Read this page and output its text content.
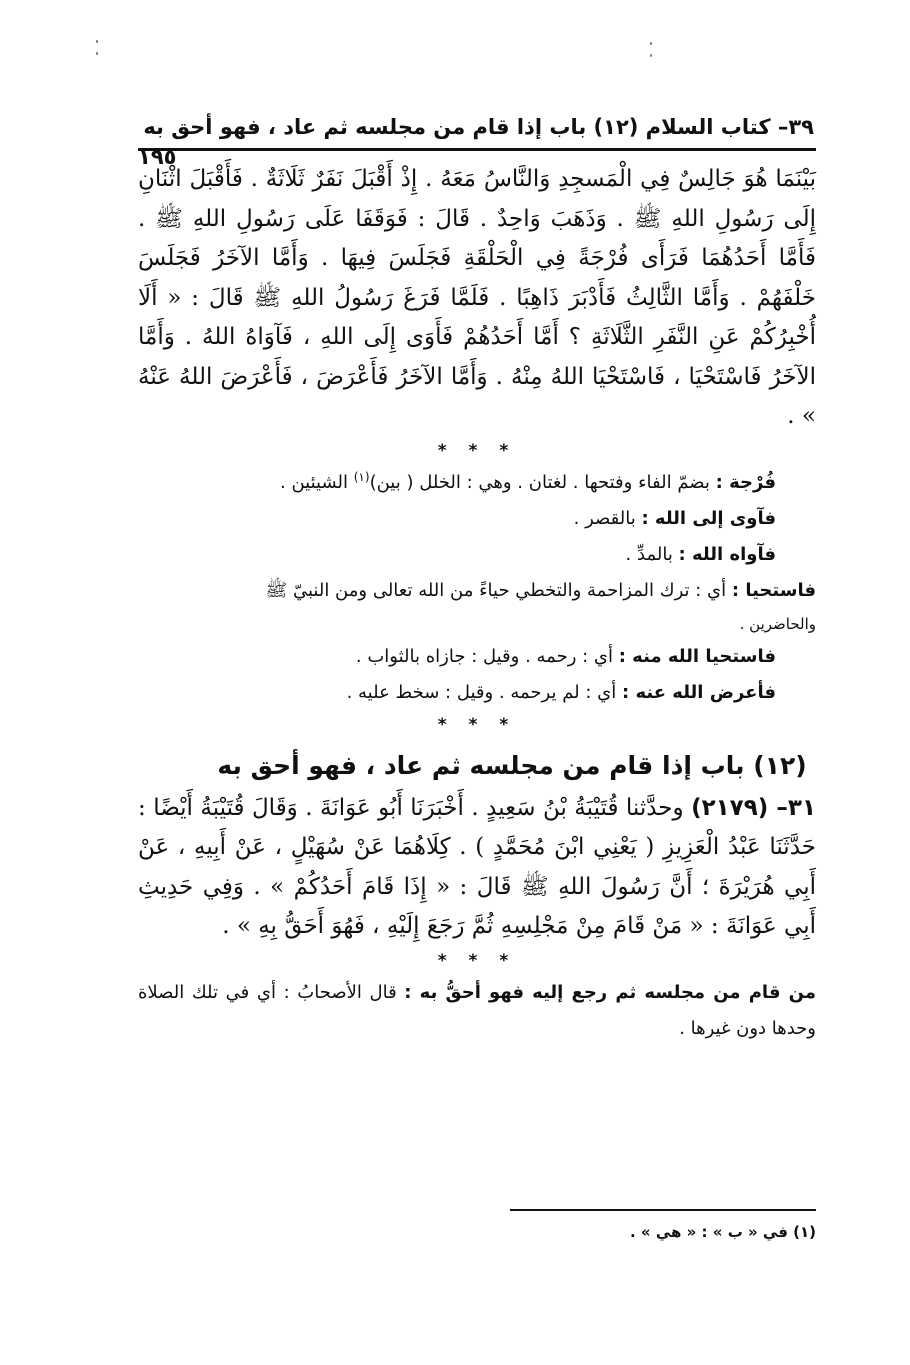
٣٩– كتاب السلام (١٢) باب إذا قام من مجلسه ثم عاد ، فهو أحق به
١٩٥

بَيْنَمَا هُوَ جَالِسٌ فِي الْمَسجِدِ وَالنَّاسُ مَعَهُ . إِذْ أَقْبَلَ نَفَرٌ ثَلَاثَةٌ . فَأَقْبَلَ اثْنَانِ إِلَى رَسُولِ اللهِ ﷺ . وَذَهَبَ وَاحِدٌ . قَالَ : فَوَقَفَا عَلَى رَسُولِ اللهِ ﷺ . فَأَمَّا أَحَدُهُمَا فَرَأَى فُرْجَةً فِي الْحَلْقَةِ فَجَلَسَ فِيهَا . وَأَمَّا الآخَرُ فَجَلَسَ خَلْفَهُمْ . وَأَمَّا الثَّالِثُ فَأَدْبَرَ ذَاهِبًا . فَلَمَّا فَرَغَ رَسُولُ اللهِ ﷺ قَالَ : « أَلَا أُخْبِرُكُمْ عَنِ النَّفَرِ الثَّلَاثَةِ ؟ أَمَّا أَحَدُهُمْ فَأَوَى إِلَى اللهِ ، فَآوَاهُ اللهُ . وَأَمَّا الآخَرُ فَاسْتَحْيَا ، فَاسْتَحْيَا اللهُ مِنْهُ . وَأَمَّا الآخَرُ فَأَعْرَضَ ، فَأَعْرَضَ اللهُ عَنْهُ » .

* * *

فُرْجة : بضمّ الفاء وفتحها . لغتان . وهي : الخلل ( بين)$^{(١)}$ الشيئين .

فآوى إلى الله : بالقصر .

فآواه الله : بالمدِّ .

فاستحيا : أي : ترك المزاحمة والتخطي حياءً من الله تعالى ومن النبيّ ﷺ

والحاضرين .

فاستحيا الله منه : أي : رحمه . وقيل : جازاه بالثواب .

فأعرض الله عنه : أي : لم يرحمه . وقيل : سخط عليه .

* * *

(١٢) باب إذا قام من مجلسه ثم عاد ، فهو أحق به

٣١– (٢١٧٩) وحدَّثنا قُتَيْبَةُ بْنُ سَعِيدٍ . أَخْبَرَنَا أَبُو عَوَانَةَ . وَقَالَ قُتَيْبَةُ أَيْضًا : حَدَّثَنَا عَبْدُ الْعَزِيزِ ( يَعْنِي ابْنَ مُحَمَّدٍ ) . كِلَاهُمَا عَنْ سُهَيْلٍ ، عَنْ أَبِيهِ ، عَنْ أَبِي هُرَيْرَةَ ؛ أَنَّ رَسُولَ اللهِ ﷺ قَالَ : « إِذَا قَامَ أَحَدُكُمْ » . وَفِي حَدِيثِ أَبِي عَوَانَةَ : « مَنْ قَامَ مِنْ مَجْلِسِهِ ثُمَّ رَجَعَ إِلَيْهِ ، فَهُوَ أَحَقُّ بِهِ » .

* * *

من قام من مجلسه ثم رجع إليه فهو أحقُّ به : قال الأصحابُ : أي في تلك الصلاة وحدها دون غيرها .

(١) في « ب » : « هي » .
